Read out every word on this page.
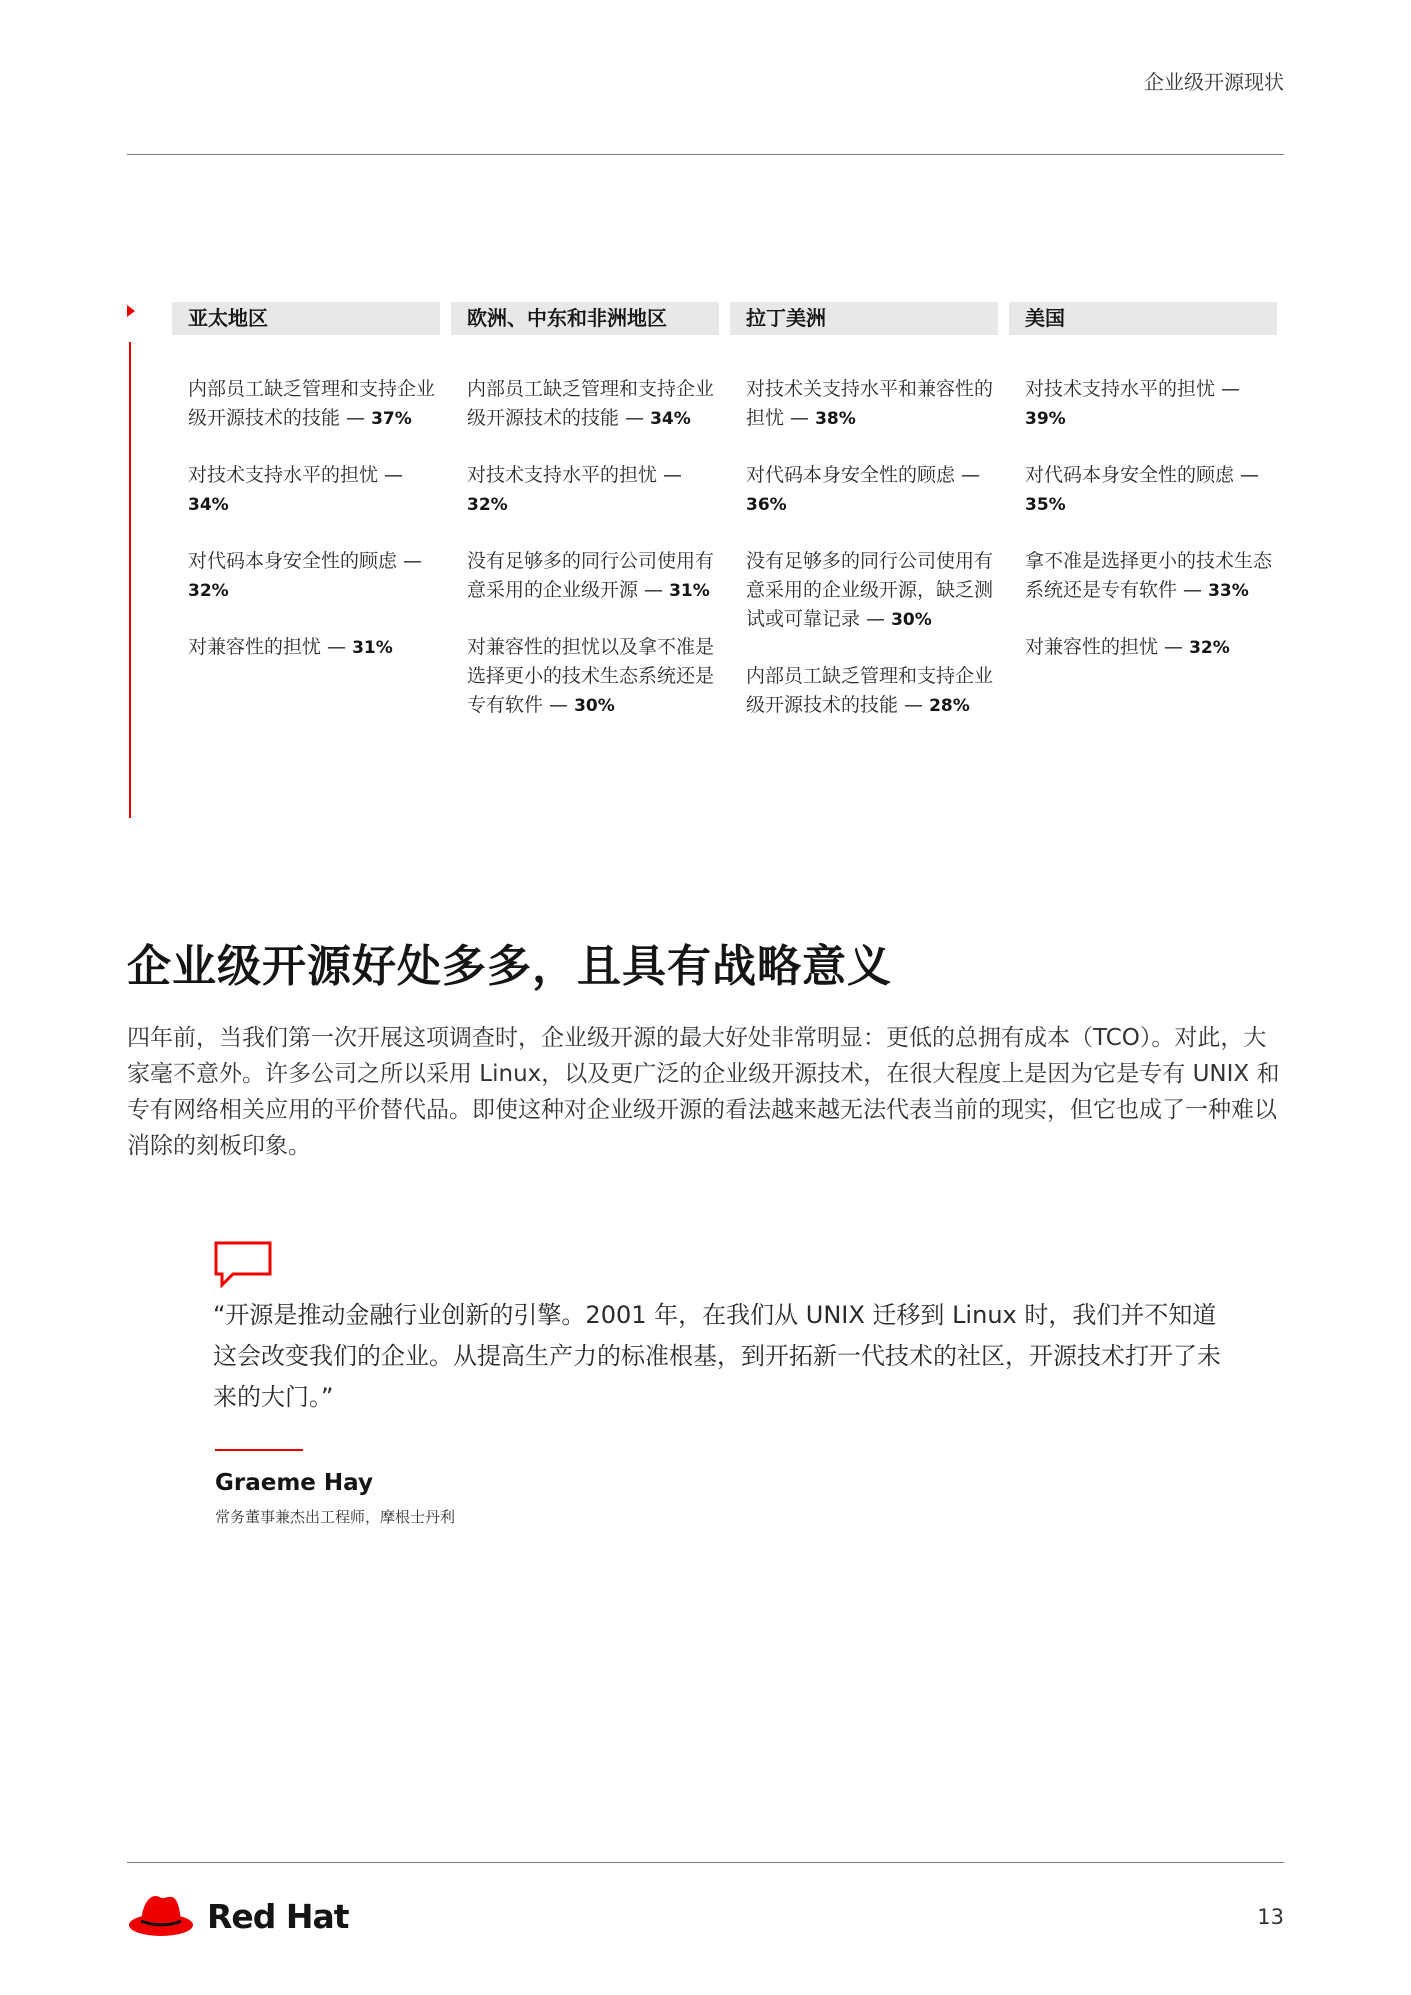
企业级开源现状
亚太地区
内部员工缺乏管理和支持企业级开源技术的技能 — 37%
对技术支持水平的担忧 — 34%
对代码本身安全性的顾虑 — 32%
对兼容性的担忧 — 31%
欧洲、中东和非洲地区
内部员工缺乏管理和支持企业级开源技术的技能 — 34%
对技术支持水平的担忧 — 32%
没有足够多的同行公司使用有意采用的企业级开源 — 31%
对兼容性的担忧以及拿不准是选择更小的技术生态系统还是专有软件 — 30%
拉丁美洲
对技术关支持水平和兼容性的担忧 — 38%
对代码本身安全性的顾虑 — 36%
没有足够多的同行公司使用有意采用的企业级开源，缺乏测试或可靠记录 — 30%
内部员工缺乏管理和支持企业级开源技术的技能 — 28%
美国
对技术支持水平的担忧 — 39%
对代码本身安全性的顾虑 — 35%
拿不准是选择更小的技术生态系统还是专有软件 — 33%
对兼容性的担忧 — 32%
企业级开源好处多多，且具有战略意义

四年前，当我们第一次开展这项调查时，企业级开源的最大好处非常明显：更低的总拥有成本（TCO）。对此，大家毫不意外。许多公司之所以采用 Linux，以及更广泛的企业级开源技术，在很大程度上是因为它是专有 UNIX 和专有网络相关应用的平价替代品。即使这种对企业级开源的看法越来越无法代表当前的现实，但它也成了一种难以消除的刻板印象。

“开源是推动金融行业创新的引擎。2001 年，在我们从 UNIX 迁移到 Linux 时，我们并不知道这会改变我们的企业。从提高生产力的标准根基，到开拓新一代技术的社区，开源技术打开了未来的大门。”

Graeme Hay
常务董事兼杰出工程师，摩根士丹利
Red Hat	13
